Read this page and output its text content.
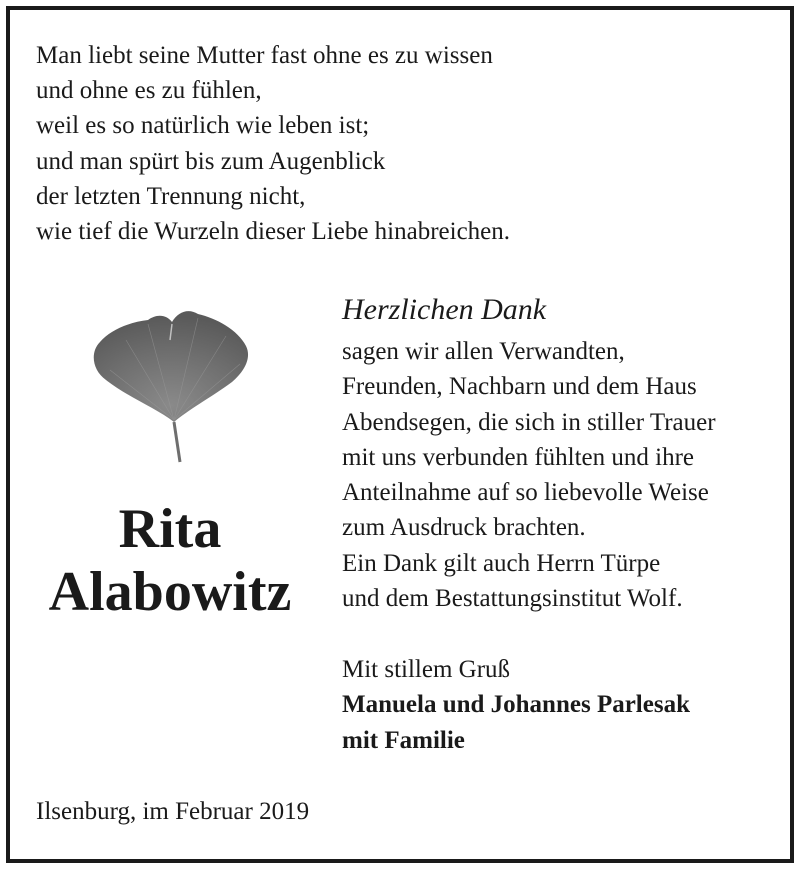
Man liebt seine Mutter fast ohne es zu wissen
und ohne es zu fühlen,
weil es so natürlich wie leben ist;
und man spürt bis zum Augenblick
der letzten Trennung nicht,
wie tief die Wurzeln dieser Liebe hinabreichen.
Rita
Alabowitz
Herzlichen Dank
sagen wir allen Verwandten,
Freunden, Nachbarn und dem Haus
Abendsegen, die sich in stiller Trauer
mit uns verbunden fühlten und ihre
Anteilnahme auf so liebevolle Weise
zum Ausdruck brachten.
Ein Dank gilt auch Herrn Türpe
und dem Bestattungsinstitut Wolf.
Mit stillem Gruß
Manuela und Johannes Parlesak
mit Familie
Ilsenburg, im Februar 2019
